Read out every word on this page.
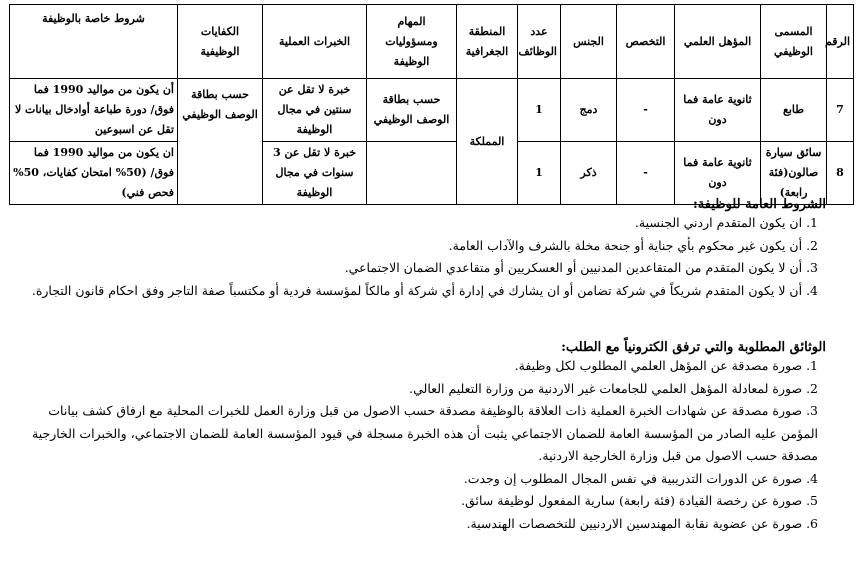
الرقم	المسمى الوظيفي	المؤهل العلمي	التخصص	الجنس	عدد الوظائف	المنطقة الجغرافية	المهام ومسؤوليات الوظيفة	الخبرات العملية	الكفايات الوظيفية	شروط خاصة بالوظيفة
7	طابع	ثانوية عامة فما دون	-	دمج	1	المملكة	حسب بطاقة الوصف الوظيفي	خبرة لا تقل عن سنتين في مجال الوظيفة	حسب بطاقة الوصف الوظيفي	أن يكون من مواليد 1990 فما فوق/ دورة طباعة أوادخال بيانات لا تقل عن اسبوعين
8	سائق سيارة صالون(فئة رابعة)	ثانوية عامة فما دون	-	ذكر	1			خبرة لا تقل عن 3 سنوات في مجال الوظيفة		ان يكون من مواليد 1990 فما فوق/ (50% امتحان كفايات، 50% فحص فني)
الشروط العامة للوظيفة:
1. ان يكون المتقدم اردني الجنسية.
2. أن يكون غير محكوم بأي جناية أو جنحة مخلة بالشرف والآداب العامة.
3. أن لا يكون المتقدم من المتقاعدين المدنيين أو العسكريين أو متقاعدي الضمان الاجتماعي.
4. أن لا يكون المتقدم شريكاً في شركة تضامن أو ان يشارك في إدارة أي شركة أو مالكاً لمؤسسة فردية أو مكتسباً صفة التاجر وفق احكام قانون التجارة.
الوثائق المطلوبة والتي ترفق الكترونياً مع الطلب:
1. صورة مصدقة عن المؤهل العلمي المطلوب لكل وظيفة.
2. صورة لمعادلة المؤهل العلمي للجامعات غير الاردنية من وزارة التعليم العالي.
3. صورة مصدقة عن شهادات الخبرة العملية ذات العلاقة بالوظيفة مصدقة حسب الاصول من قبل وزارة العمل للخبرات المحلية مع ارفاق كشف بيانات المؤمن عليه الصادر من المؤسسة العامة للضمان الاجتماعي يثبت أن هذه الخبرة مسجلة في قيود المؤسسة العامة للضمان الاجتماعي، والخبرات الخارجية مصدقة حسب الاصول من قبل وزارة الخارجية الاردنية.
4. صورة عن الدورات التدريبية في نفس المجال المطلوب إن وجدت.
5. صورة عن رخصة القيادة (فئة رابعة) سارية المفعول لوظيفة سائق.
6. صورة عن عضوية نقابة المهندسين الاردنيين للتخصصات الهندسية.
